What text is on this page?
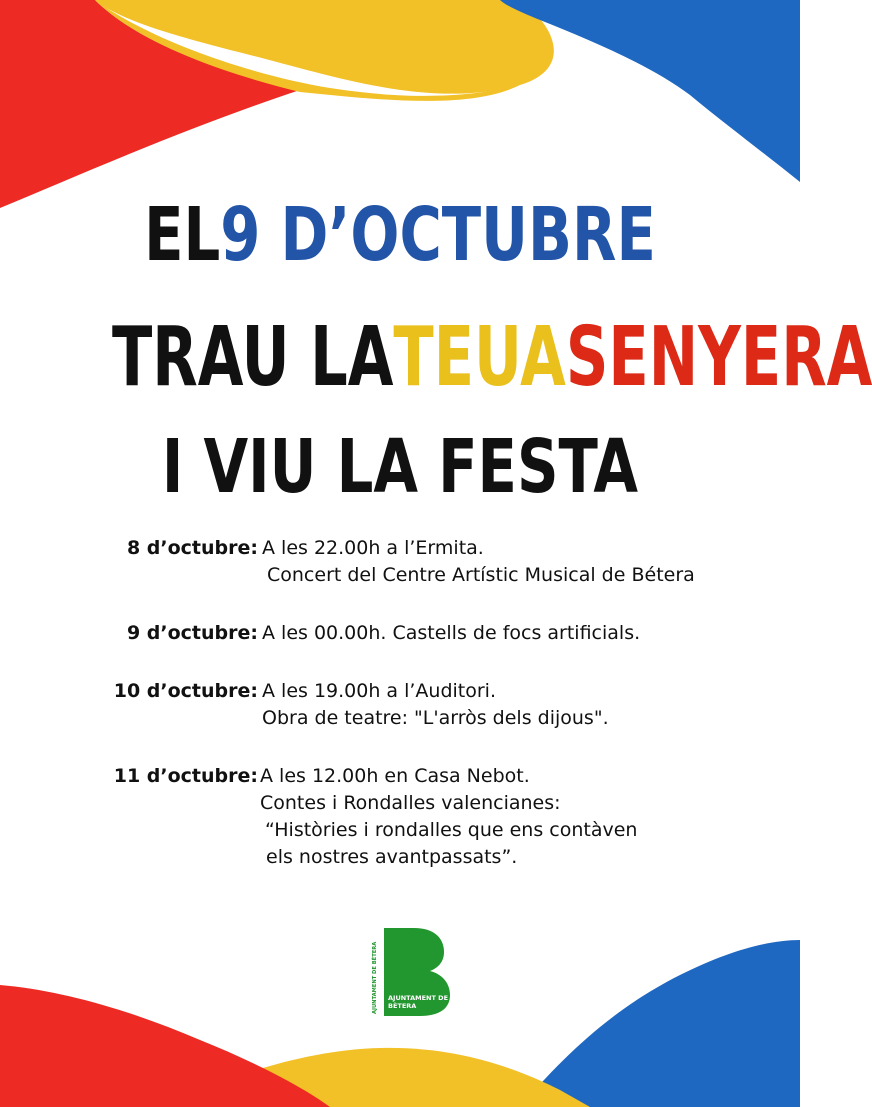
EL9 D’OCTUBRE
TRAU LATEUASENYERA
I VIU LA FESTA
8 d’octubre: A les 22.00h a l’Ermita.
Concert del Centre Artístic Musical de Bétera
9 d’octubre: A les 00.00h. Castells de focs artificials.
10 d’octubre: A les 19.00h a l’Auditori.
Obra de teatre: "L'arròs dels dijous".
11 d’octubre: A les 12.00h en Casa Nebot.
Contes i Rondalles valencianes:
“Històries i rondalles que ens contàven
els nostres avantpassats”.
AJUNTAMENT DE BÈTERA AJUNTAMENT DE
BÈTERA
